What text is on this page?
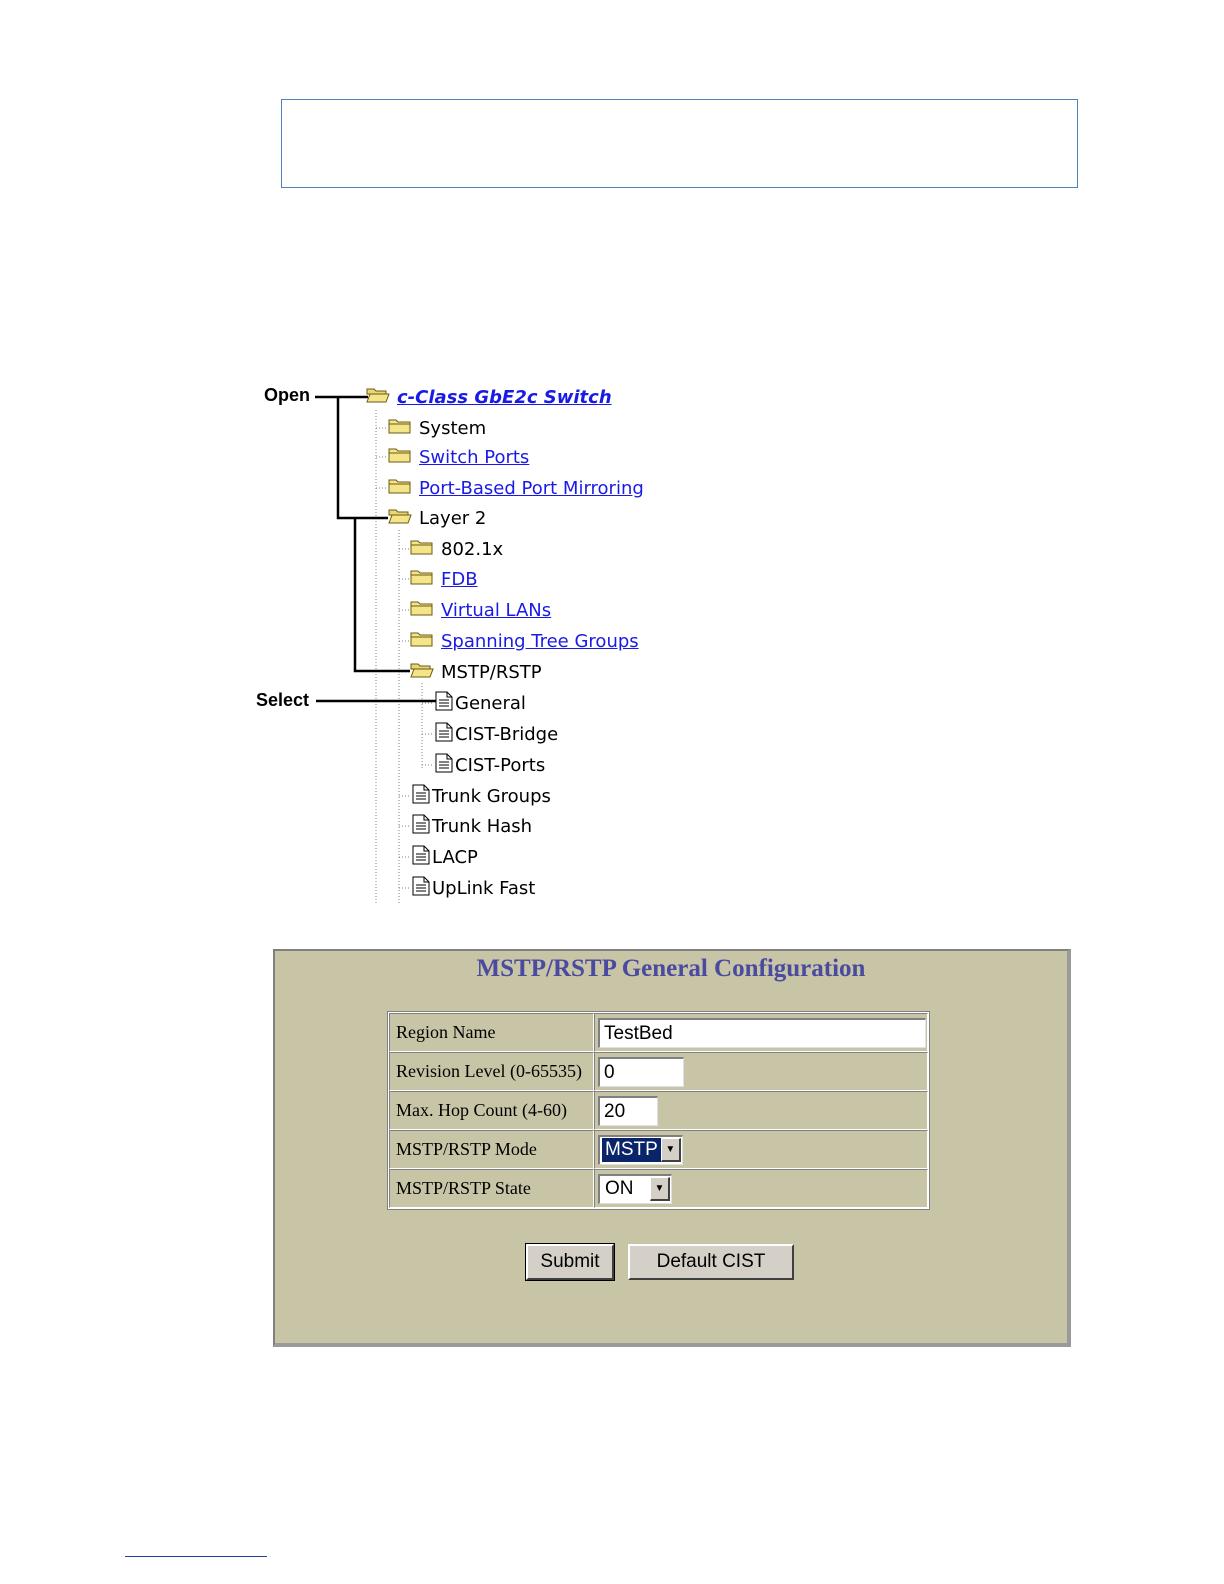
Open
Select
c-Class GbE2c Switch
System
Switch Ports
Port-Based Port Mirroring
Layer 2
802.1x
FDB
Virtual LANs
Spanning Tree Groups
MSTP/RSTP
General
CIST-Bridge
CIST-Ports
Trunk Groups
Trunk Hash
LACP
UpLink Fast
MSTP/RSTP General Configuration
Region Name	TestBed
Revision Level (0-65535)	0
Max. Hop Count (4-60)	20
MSTP/RSTP Mode	MSTP ▼

MSTP/RSTP State	ON ▼
Submit	Default CIST
